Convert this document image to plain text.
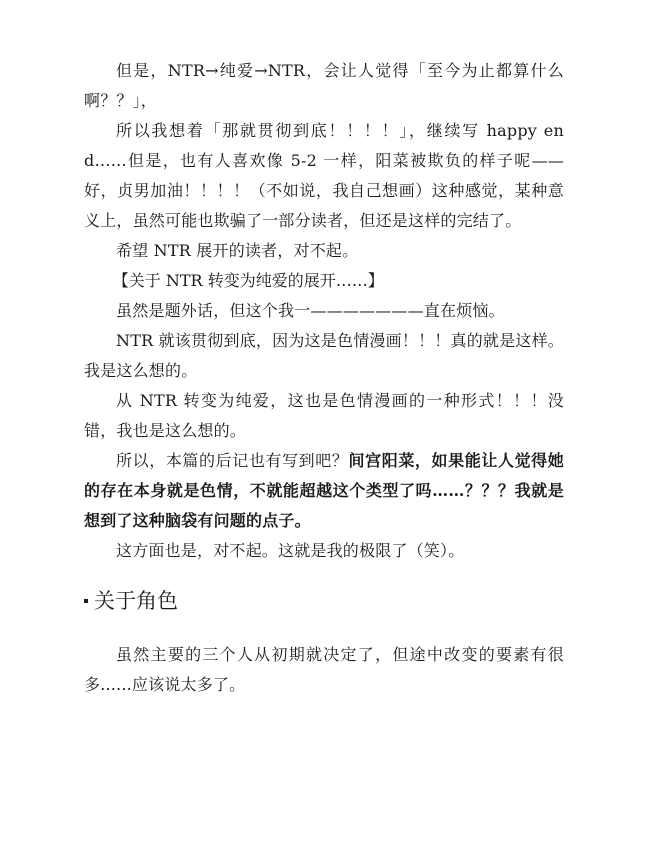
但是，NTR→纯爱→NTR，会让人觉得「至今为止都算什么啊？？」，

所以我想着「那就贯彻到底！！！！」，继续写 happy end……但是，也有人喜欢像 5-2 一样，阳菜被欺负的样子呢——好，贞男加油！！！！（不如说，我自己想画）这种感觉，某种意义上，虽然可能也欺骗了一部分读者，但还是这样的完结了。

希望 NTR 展开的读者，对不起。

【关于 NTR 转变为纯爱的展开……】

虽然是题外话，但这个我一———————直在烦恼。

NTR 就该贯彻到底，因为这是色情漫画！！！真的就是这样。我是这么想的。

从 NTR 转变为纯爱，这也是色情漫画的一种形式！！！没错，我也是这么想的。

所以，本篇的后记也有写到吧？间宫阳菜，如果能让人觉得她的存在本身就是色情，不就能超越这个类型了吗……？？？我就是想到了这种脑袋有问题的点子。

这方面也是，对不起。这就是我的极限了（笑）。

关于角色

虽然主要的三个人从初期就决定了，但途中改变的要素有很多......应该说太多了。
